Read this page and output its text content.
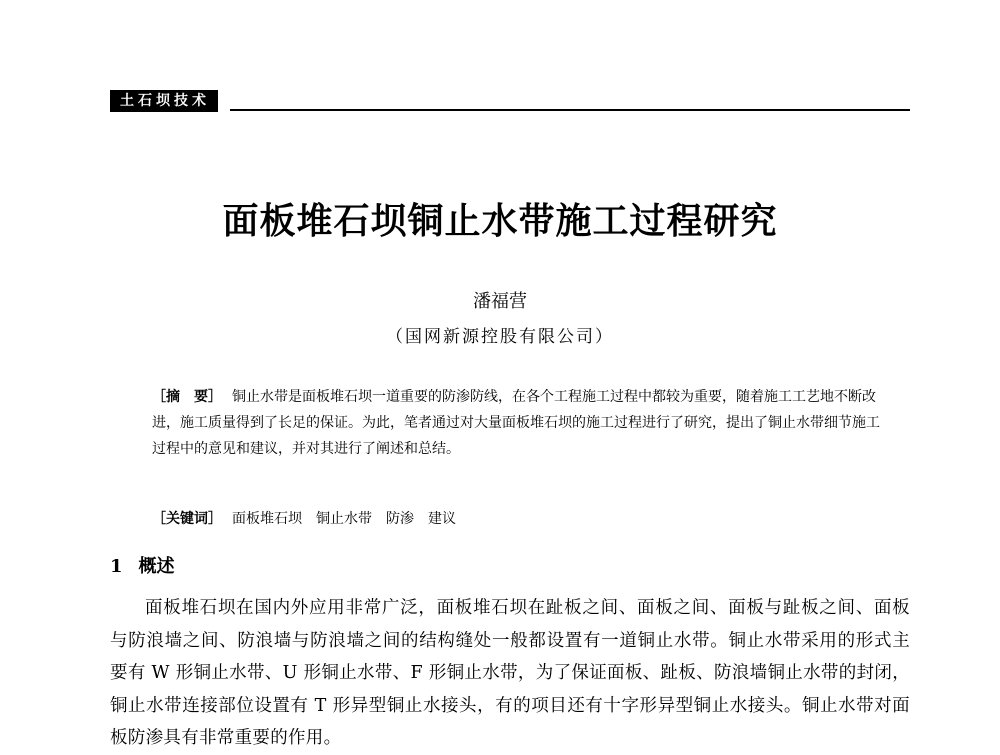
土石坝技术
面板堆石坝铜止水带施工过程研究
潘福营
（国网新源控股有限公司）
［摘　要］ 铜止水带是面板堆石坝一道重要的防渗防线，在各个工程施工过程中都较为重要，随着施工工艺地不断改进，施工质量得到了长足的保证。为此，笔者通过对大量面板堆石坝的施工过程进行了研究，提出了铜止水带细节施工过程中的意见和建议，并对其进行了阐述和总结。
［关键词］ 面板堆石坝 铜止水带 防渗 建议
1 概述
面板堆石坝在国内外应用非常广泛，面板堆石坝在趾板之间、面板之间、面板与趾板之间、面板与防浪墙之间、防浪墙与防浪墙之间的结构缝处一般都设置有一道铜止水带。铜止水带采用的形式主要有 W 形铜止水带、U 形铜止水带、F 形铜止水带，为了保证面板、趾板、防浪墙铜止水带的封闭，铜止水带连接部位设置有 T 形异型铜止水接头，有的项目还有十字形异型铜止水接头。铜止水带对面板防渗具有非常重要的作用。
